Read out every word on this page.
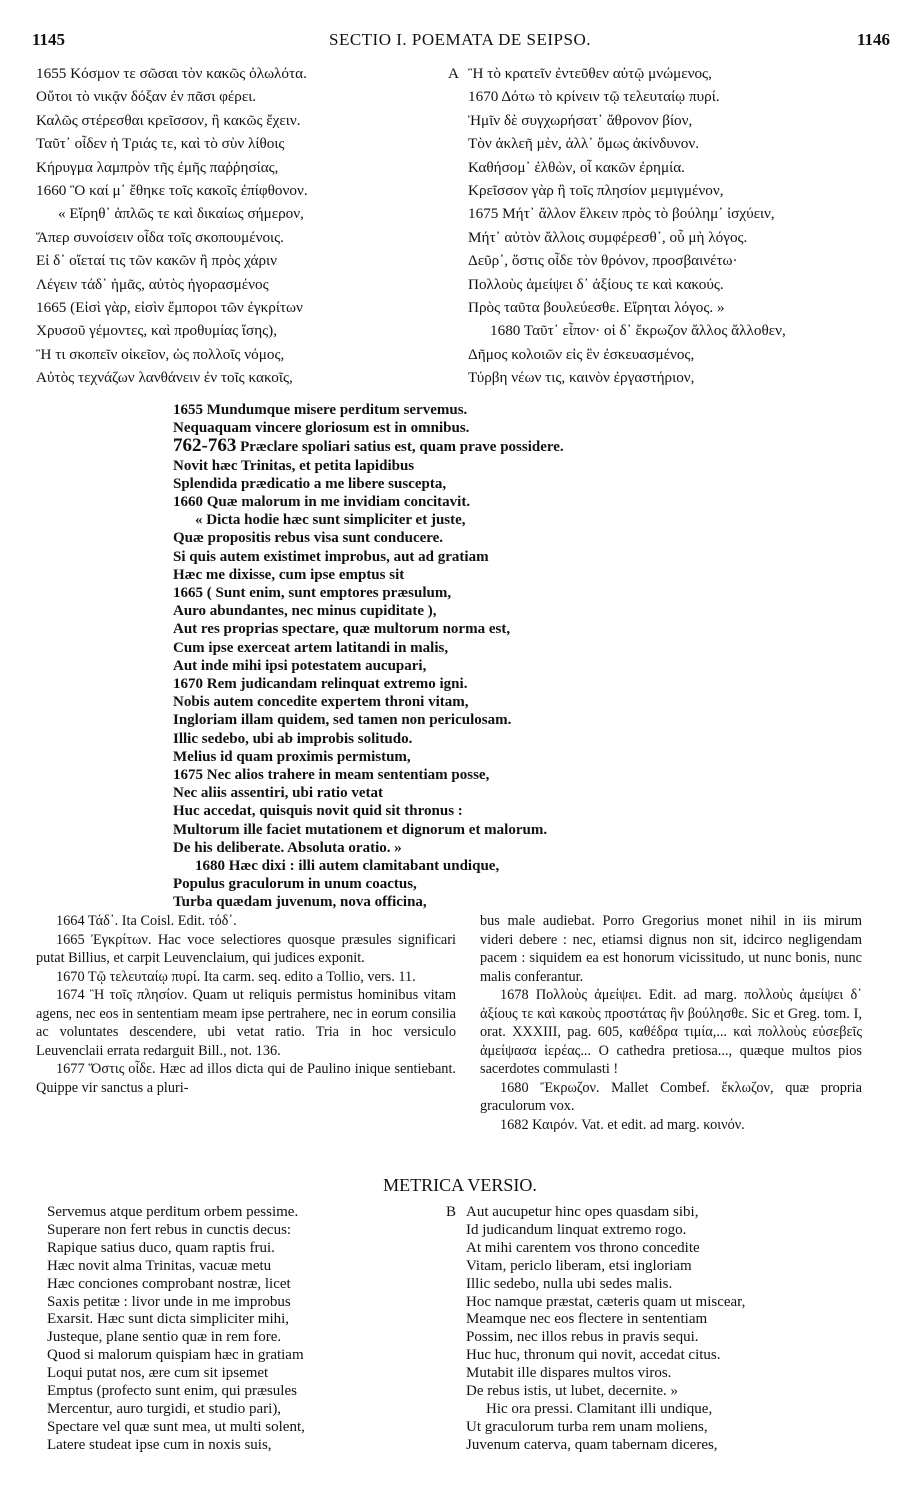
1145	SECTIO I. POEMATA DE SEIPSO.	1146
1655 Κόσμον τε σῶσαι τὸν κακῶς ὀλωλότα.
Οὔτοι τὸ νικᾷν δόξαν ἐν πᾶσι φέρει.
Καλῶς στέρεσθαι κρεῖσσον, ἢ κακῶς ἔχειν.
Ταῦτ᾽ οἶδεν ἡ Τριάς τε, καὶ τὸ σὺν λίθοις
Κήρυγμα λαμπρὸν τῆς ἐμῆς παῤῥησίας,
1660 Ὃ καί μ᾽ ἔθηκε τοῖς κακοῖς ἐπίφθονον.
« Εἴρηθ᾽ ἁπλῶς τε καὶ δικαίως σήμερον,
Ἅπερ συνοίσειν οἶδα τοῖς σκοπουμένοις.
Εἰ δ᾽ οἴεταί τις τῶν κακῶν ἢ πρὸς χάριν
Λέγειν τάδ᾽ ἡμᾶς, αὐτὸς ἠγορασμένος
1665 (Εἰσὶ γὰρ, εἰσὶν ἔμποροι τῶν ἐγκρίτων
Χρυσοῦ γέμοντες, καὶ προθυμίας ἴσης),
Ἢ τι σκοπεῖν οἰκεῖον, ὡς πολλοῖς νόμος,
Αὐτὸς τεχνάζων λανθάνειν ἐν τοῖς κακοῖς,
A Ἢ τὸ κρατεῖν ἐντεῦθεν αὐτῷ μνώμενος,
1670 Δότω τὸ κρίνειν τῷ τελευταίῳ πυρί.
Ἡμῖν δὲ συγχωρήσατ᾽ ἄθρονον βίον,
Τὸν ἀκλεῆ μὲν, ἀλλ᾽ ὅμως ἀκίνδυνον.
Καθήσομ᾽ ἐλθὼν, οἷ κακῶν ἐρημία.
Κρεῖσσον γὰρ ἢ τοῖς πλησίον μεμιγμένον,
1675 Μήτ᾽ ἄλλον ἕλκειν πρὸς τὸ βούλημ᾽ ἰσχύειν,
Μήτ᾽ αὐτὸν ἄλλοις συμφέρεσθ᾽, οὗ μὴ λόγος.
Δεῦρ᾽, ὅστις οἶδε τὸν θρόνον, προσβαινέτω·
Πολλοὺς ἀμείψει δ᾽ ἀξίους τε καὶ κακούς.
Πρὸς ταῦτα βουλεύεσθε. Εἴρηται λόγος. »
1680 Ταῦτ᾽ εἶπον· οἱ δ᾽ ἔκρωζον ἄλλος ἄλλοθεν,
Δῆμος κολοιῶν εἰς ἓν ἐσκευασμένος,
Τύρβη νέων τις, καινὸν ἐργαστήριον,
1655 Mundumque misere perditum servemus.
Nequaquam vincere gloriosum est in omnibus.
762-763 Præclare spoliari satius est, quam prave possidere.
Novit hæc Trinitas, et petita lapidibus
Splendida prædicatio a me libere suscepta,
1660 Quæ malorum in me invidiam concitavit.
« Dicta hodie hæc sunt simpliciter et juste,
Quæ propositis rebus visa sunt conducere.
Si quis autem existimet improbus, aut ad gratiam
Hæc me dixisse, cum ipse emptus sit
1665 ( Sunt enim, sunt emptores præsulum,
Auro abundantes, nec minus cupiditate ),
Aut res proprias spectare, quæ multorum norma est,
Cum ipse exerceat artem latitandi in malis,
Aut inde mihi ipsi potestatem aucupari,
1670 Rem judicandam relinquat extremo igni.
Nobis autem concedite expertem throni vitam,
Ingloriam illam quidem, sed tamen non periculosam.
Illic sedebo, ubi ab improbis solitudo.
Melius id quam proximis permistum,
1675 Nec alios trahere in meam sententiam posse,
Nec aliis assentiri, ubi ratio vetat
Huc accedat, quisquis novit quid sit thronus :
Multorum ille faciet mutationem et dignorum et malorum.
De his deliberate. Absoluta oratio. »
1680 Hæc dixi : illi autem clamitabant undique,
Populus graculorum in unum coactus,
Turba quædam juvenum, nova officina,

1664 Τάδ᾽. Ita Coisl. Edit. τόδ᾽.

1665 Ἐγκρίτων. Hac voce selectiores quosque præsules significari putat Billius, et carpit Leuvenclaium, qui judices exponit.

1670 Τῷ τελευταίῳ πυρί. Ita carm. seq. edito a Tollio, vers. 11.

1674 Ἢ τοῖς πλησίον. Quam ut reliquis permistus hominibus vitam agens, nec eos in sententiam meam ipse pertrahere, nec in eorum consilia ac voluntates descendere, ubi vetat ratio. Tria in hoc versiculo Leuvenclaii errata redarguit Bill., not. 136.

1677 Ὅστις οἶδε. Hæc ad illos dicta qui de Paulino inique sentiebant. Quippe vir sanctus a pluri-

bus male audiebat. Porro Gregorius monet nihil in iis mirum videri debere : nec, etiamsi dignus non sit, idcirco negligendam pacem : siquidem ea est honorum vicissitudo, ut nunc bonis, nunc malis conferantur.

1678 Πολλοὺς ἀμείψει. Edit. ad marg. πολλοὺς ἀμείψει δ᾽ ἀξίους τε καὶ κακοὺς προστάτας ἣν βούλησθε. Sic et Greg. tom. I, orat. XXXIII, pag. 605, καθέδρα τιμία,... καὶ πολλοὺς εὐσεβεῖς ἀμείψασα ἱερέας... O cathedra pretiosa..., quæque multos pios sacerdotes commulasti !

1680 Ἔκρωζον. Mallet Combef. ἔκλωζον, quæ propria graculorum vox.

1682 Καιρόν. Vat. et edit. ad marg. κοινόν.

METRICA VERSIO.
Servemus atque perditum orbem pessime.
Superare non fert rebus in cunctis decus:
Rapique satius duco, quam raptis frui.
Hæc novit alma Trinitas, vacuæ metu
Hæc conciones comprobant nostræ, licet
Saxis petitæ : livor unde in me improbus
Exarsit. Hæc sunt dicta simpliciter mihi,
Justeque, plane sentio quæ in rem fore.
Quod si malorum quispiam hæc in gratiam
Loqui putat nos, ære cum sit ipsemet
Emptus (profecto sunt enim, qui præsules
Mercentur, auro turgidi, et studio pari),
Spectare vel quæ sunt mea, ut multi solent,
Latere studeat ipse cum in noxis suis,
B Aut aucupetur hinc opes quasdam sibi,
Id judicandum linquat extremo rogo.
At mihi carentem vos throno concedite
Vitam, periclo liberam, etsi ingloriam
Illic sedebo, nulla ubi sedes malis.
Hoc namque præstat, cæteris quam ut miscear,
Meamque nec eos flectere in sententiam
Possim, nec illos rebus in pravis sequi.
Huc huc, thronum qui novit, accedat citus.
Mutabit ille dispares multos viros.
De rebus istis, ut lubet, decernite. »
Hic ora pressi. Clamitant illi undique,
Ut graculorum turba rem unam moliens,
Juvenum caterva, quam tabernam diceres,
